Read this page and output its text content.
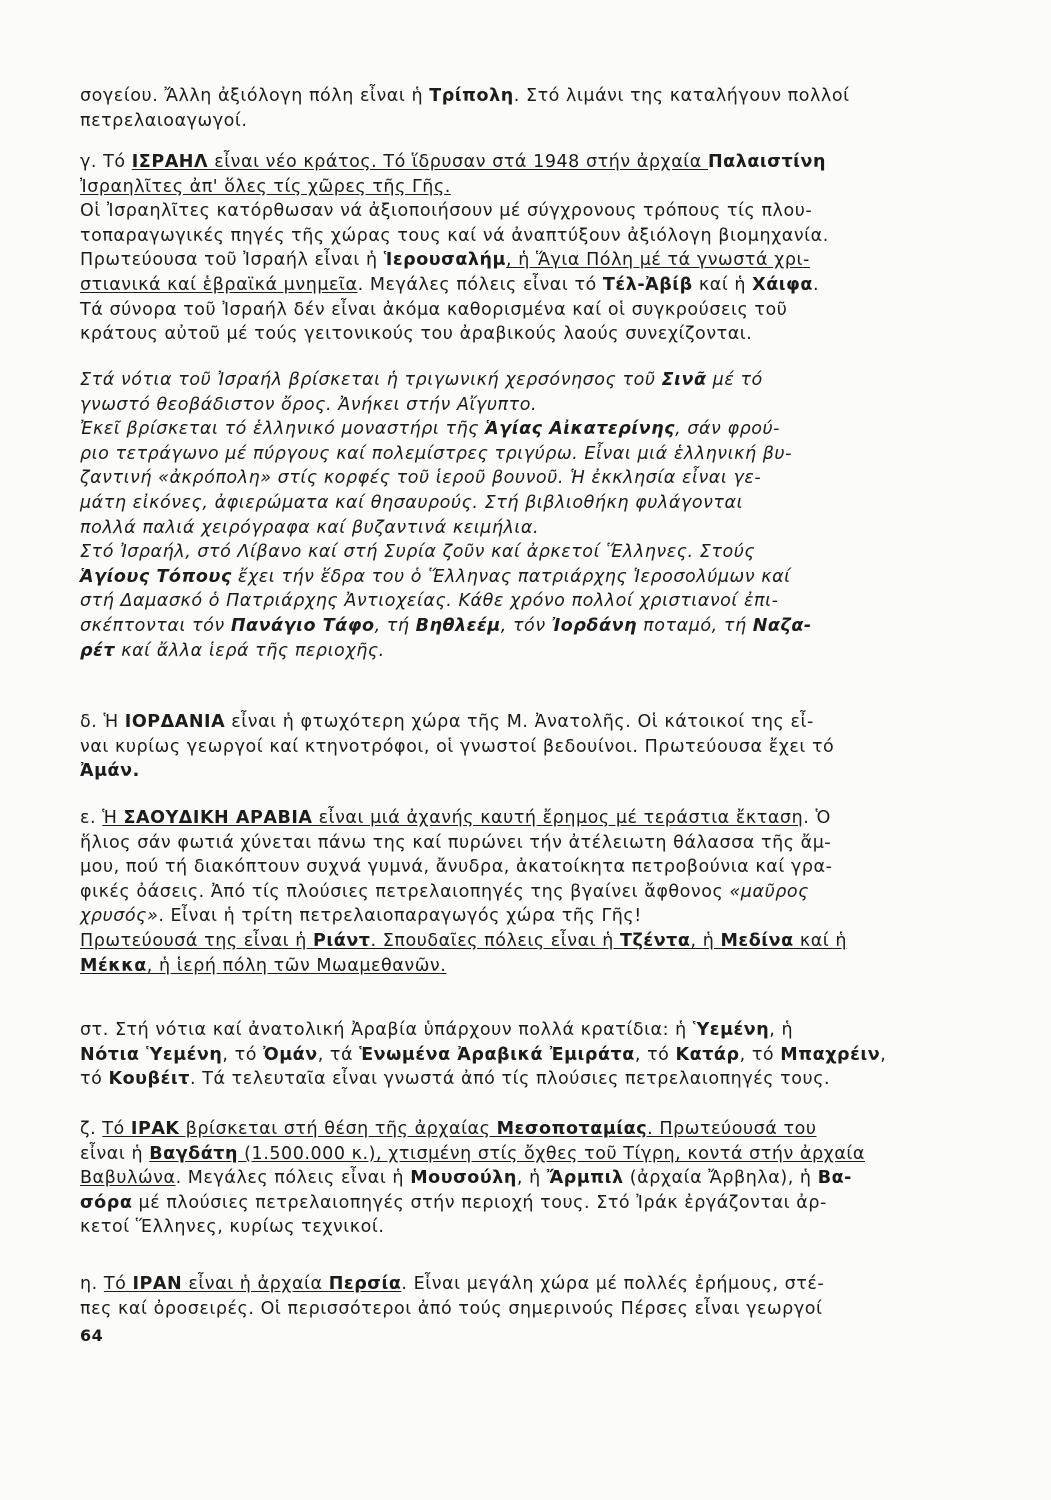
σογείου. Ἄλλη ἀξιόλογη πόλη εἶναι ἡ Τρίπολη. Στό λιμάνι της καταλήγουν πολλοί
πετρελαιοαγωγοί.
γ. Τό ΙΣΡΑΗΛ εἶναι νέο κράτος. Τό ἵδρυσαν στά 1948 στήν ἀρχαία Παλαιστίνη
Ἰσραηλῖτες ἀπ' ὅλες τίς χῶρες τῆς Γῆς.
Οἱ Ἰσραηλῖτες κατόρθωσαν νά ἀξιοποιήσουν μέ σύγχρονους τρόπους τίς πλου-
τοπαραγωγικές πηγές τῆς χώρας τους καί νά ἀναπτύξουν ἀξιόλογη βιομηχανία.
Πρωτεύουσα τοῦ Ἰσραήλ εἶναι ἡ Ἱερουσαλήμ, ἡ Ἅγια Πόλη μέ τά γνωστά χρι-
στιανικά καί ἑβραϊκά μνημεῖα. Μεγάλες πόλεις εἶναι τό Τέλ-Ἀβίβ καί ἡ Χάιφα.
Τά σύνορα τοῦ Ἰσραήλ δέν εἶναι ἀκόμα καθορισμένα καί οἱ συγκρούσεις τοῦ
κράτους αὐτοῦ μέ τούς γειτονικούς του ἀραβικούς λαούς συνεχίζονται.
Στά νότια τοῦ Ἰσραήλ βρίσκεται ἡ τριγωνική χερσόνησος τοῦ Σινᾶ μέ τό
γνωστό θεοβάδιστον ὄρος. Ἀνήκει στήν Αἴγυπτο.
Ἐκεῖ βρίσκεται τό ἑλληνικό μοναστήρι τῆς Ἁγίας Αἰκατερίνης, σάν φρού-
ριο τετράγωνο μέ πύργους καί πολεμίστρες τριγύρω. Εἶναι μιά ἑλληνική βυ-
ζαντινή «ἀκρόπολη» στίς κορφές τοῦ ἱεροῦ βουνοῦ. Ἡ ἐκκλησία εἶναι γε-
μάτη εἰκόνες, ἀφιερώματα καί θησαυρούς. Στή βιβλιοθήκη φυλάγονται
πολλά παλιά χειρόγραφα καί βυζαντινά κειμήλια.
Στό Ἰσραήλ, στό Λίβανο καί στή Συρία ζοῦν καί ἀρκετοί Ἕλληνες. Στούς
Ἁγίους Τόπους ἔχει τήν ἕδρα του ὁ Ἕλληνας πατριάρχης Ἱεροσολύμων καί
στή Δαμασκό ὁ Πατριάρχης Ἀντιοχείας. Κάθε χρόνο πολλοί χριστιανοί ἐπι-
σκέπτονται τόν Πανάγιο Τάφο, τή Βηθλεέμ, τόν Ἰορδάνη ποταμό, τή Ναζα-
ρέτ καί ἄλλα ἱερά τῆς περιοχῆς.
δ. Ἡ ΙΟΡΔΑΝΙΑ εἶναι ἡ φτωχότερη χώρα τῆς Μ. Ἀνατολῆς. Οἱ κάτοικοί της εἶ-
ναι κυρίως γεωργοί καί κτηνοτρόφοι, οἱ γνωστοί βεδουίνοι. Πρωτεύουσα ἔχει τό
Ἀμάν.
ε. Ἡ ΣΑΟΥΔΙΚΗ ΑΡΑΒΙΑ εἶναι μιά ἀχανής καυτή ἔρημος μέ τεράστια ἔκταση. Ὁ
ἥλιος σάν φωτιά χύνεται πάνω της καί πυρώνει τήν ἀτέλειωτη θάλασσα τῆς ἄμ-
μου, πού τή διακόπτουν συχνά γυμνά, ἄνυδρα, ἀκατοίκητα πετροβούνια καί γρα-
φικές ὀάσεις. Ἀπό τίς πλούσιες πετρελαιοπηγές της βγαίνει ἄφθονος «μαῦρος
χρυσός». Εἶναι ἡ τρίτη πετρελαιοπαραγωγός χώρα τῆς Γῆς!
Πρωτεύουσά της εἶναι ἡ Ριάντ. Σπουδαῖες πόλεις εἶναι ἡ Τζέντα, ἡ Μεδίνα καί ἡ
Μέκκα, ἡ ἱερή πόλη τῶν Μωαμεθανῶν.
στ. Στή νότια καί ἀνατολική Ἀραβία ὑπάρχουν πολλά κρατίδια: ἡ Ὑεμένη, ἡ
Νότια Ὑεμένη, τό Ὀμάν, τά Ἑνωμένα Ἀραβικά Ἐμιράτα, τό Κατάρ, τό Μπαχρέιν,
τό Κουβέιτ. Τά τελευταῖα εἶναι γνωστά ἀπό τίς πλούσιες πετρελαιοπηγές τους.
ζ. Τό ΙΡΑΚ βρίσκεται στή θέση τῆς ἀρχαίας Μεσοποταμίας. Πρωτεύουσά του
εἶναι ἡ Βαγδάτη (1.500.000 κ.), χτισμένη στίς ὄχθες τοῦ Τίγρη, κοντά στήν ἀρχαία
Βαβυλώνα. Μεγάλες πόλεις εἶναι ἡ Μουσούλη, ἡ Ἄρμπιλ (ἀρχαία Ἄρβηλα), ἡ Βα-
σόρα μέ πλούσιες πετρελαιοπηγές στήν περιοχή τους. Στό Ἰράκ ἐργάζονται ἀρ-
κετοί Ἕλληνες, κυρίως τεχνικοί.
η. Τό ΙΡΑΝ εἶναι ἡ ἀρχαία Περσία. Εἶναι μεγάλη χώρα μέ πολλές ἐρήμους, στέ-
πες καί ὀροσειρές. Οἱ περισσότεροι ἀπό τούς σημερινούς Πέρσες εἶναι γεωργοί
64
